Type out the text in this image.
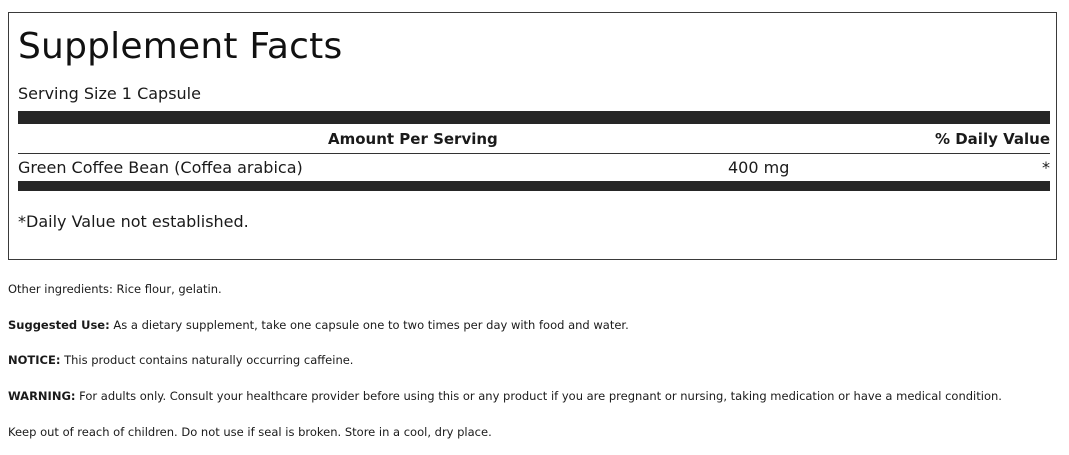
Supplement Facts
Serving Size 1 Capsule
Amount Per Serving	% Daily Value
Green Coffee Bean (Coffea arabica)	400 mg	*
*Daily Value not established.
Other ingredients: Rice flour, gelatin.
Suggested Use: As a dietary supplement, take one capsule one to two times per day with food and water.
NOTICE: This product contains naturally occurring caffeine.
WARNING: For adults only. Consult your healthcare provider before using this or any product if you are pregnant or nursing, taking medication or have a medical condition.
Keep out of reach of children. Do not use if seal is broken. Store in a cool, dry place.
